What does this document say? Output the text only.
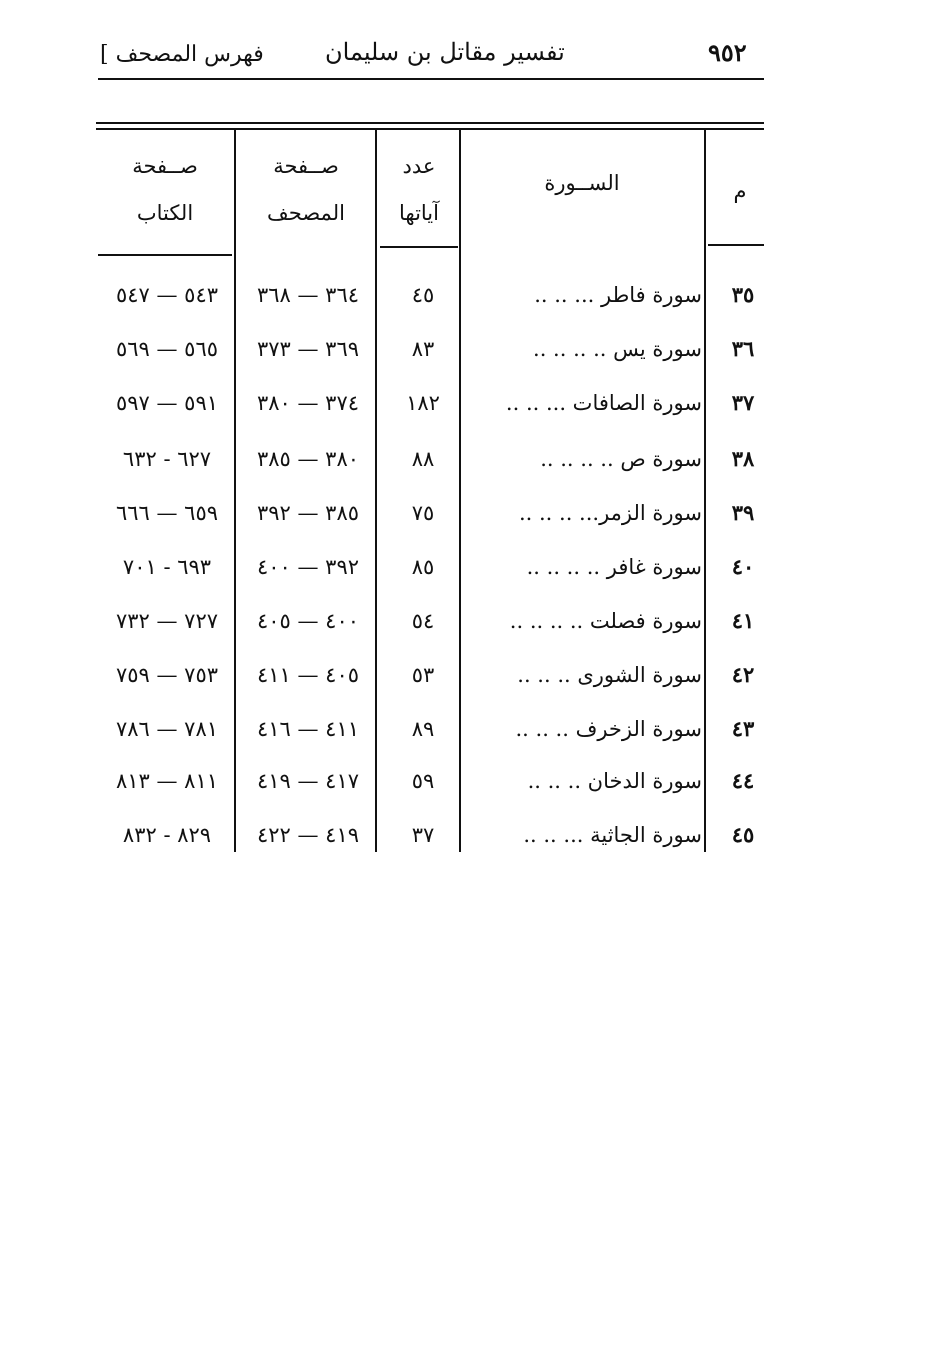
٩٥٢
تفسير مقاتل بن سليمان
[ فهرس المصحف
م
الســورة
عدد
آياتها
صــفحة
المصحف
صــفحة
الكتاب
٣٥
سورة فاطر ... .. ..
٤٥
٣٦٤ — ٣٦٨
٥٤٣ — ٥٤٧
٣٦
سورة يس .. .. .. ..
٨٣
٣٦٩ — ٣٧٣
٥٦٥ — ٥٦٩
٣٧
سورة الصافات ... .. ..
١٨٢
٣٧٤ — ٣٨٠
٥٩١ — ٥٩٧
٣٨
سورة ص .. .. .. ..
٨٨
٣٨٠ — ٣٨٥
٦٢٧ - ٦٣٢
٣٩
سورة الزمر... .. .. ..
٧٥
٣٨٥ — ٣٩٢
٦٥٩ — ٦٦٦
٤٠
سورة غافر .. .. .. ..
٨٥
٣٩٢ — ٤٠٠
٦٩٣ - ٧٠١
٤١
سورة فصلت .. .. .. ..
٥٤
٤٠٠ — ٤٠٥
٧٢٧ — ٧٣٢
٤٢
سورة الشورى .. .. ..
٥٣
٤٠٥ — ٤١١
٧٥٣ — ٧٥٩
٤٣
سورة الزخرف .. .. ..
٨٩
٤١١ — ٤١٦
٧٨١ — ٧٨٦
٤٤
سورة الدخان .. .. ..
٥٩
٤١٧ — ٤١٩
٨١١ — ٨١٣
٤٥
سورة الجاثية ... .. ..
٣٧
٤١٩ — ٤٢٢
٨٢٩ - ٨٣٢
